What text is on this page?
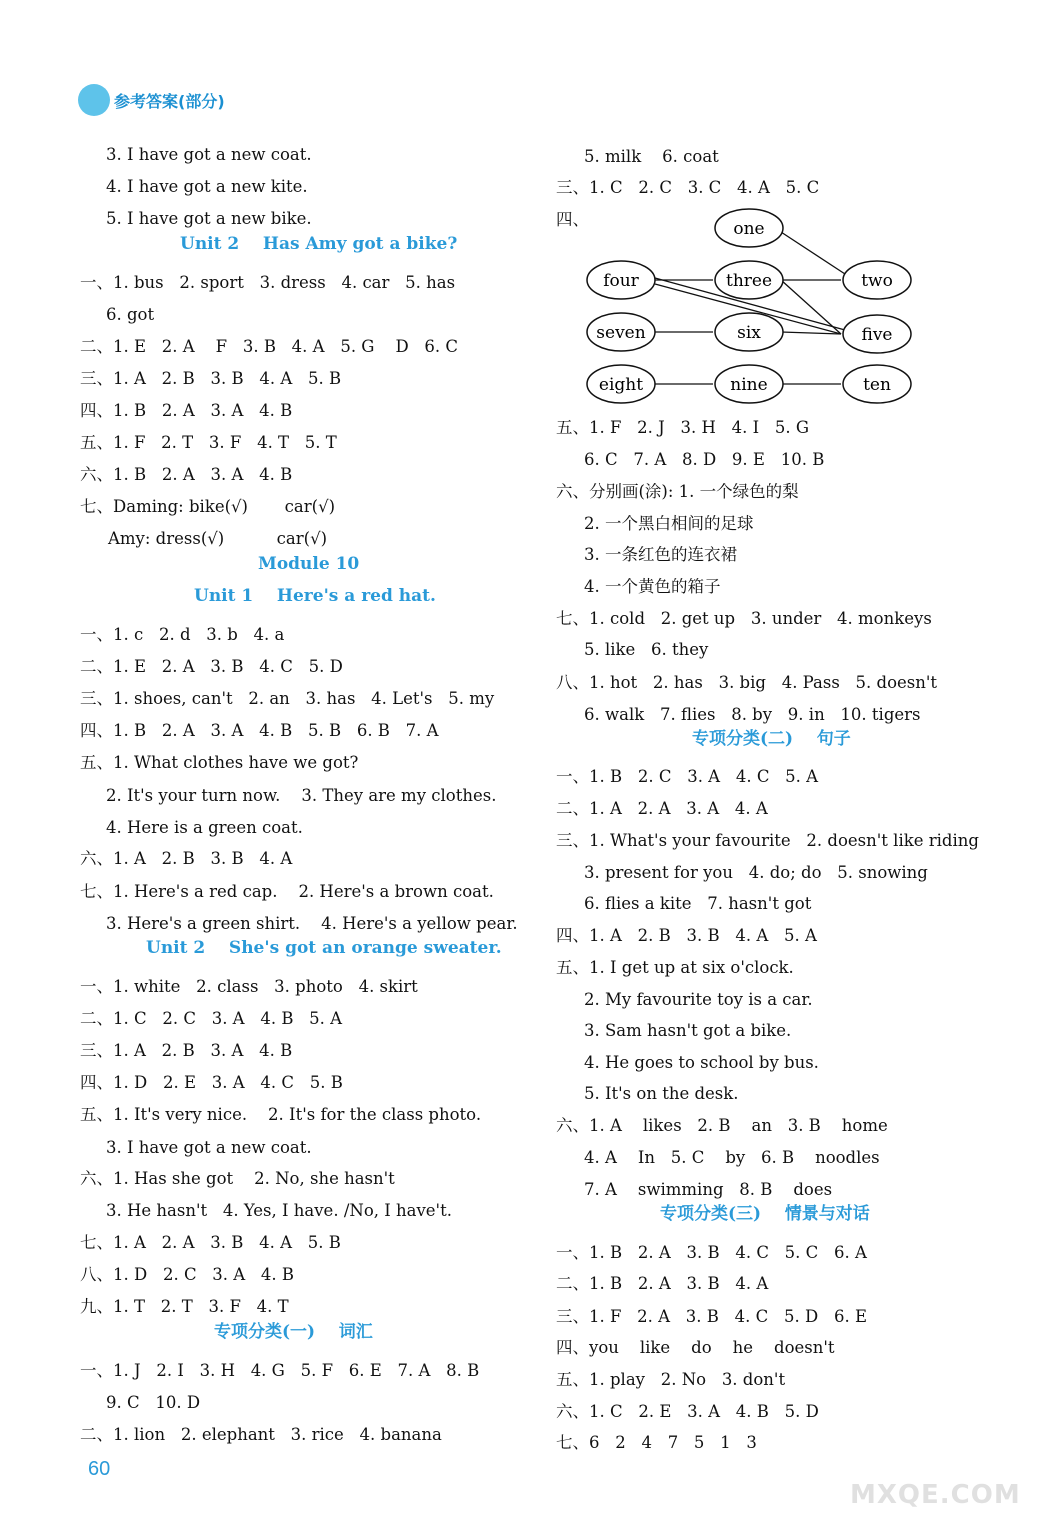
参考答案(部分)
3. I have got a new coat.
4. I have got a new kite.
5. I have got a new bike.
Unit 2    Has Amy got a bike?
一、1. bus   2. sport   3. dress   4. car   5. has
6. got
二、1. E   2. A    F   3. B   4. A   5. G    D   6. C
三、1. A   2. B   3. B   4. A   5. B
四、1. B   2. A   3. A   4. B
五、1. F   2. T   3. F   4. T   5. T
六、1. B   2. A   3. A   4. B
七、Daming: bike(√)       car(√)
Amy: dress(√)          car(√)
Module 10
Unit 1    Here's a red hat.
一、1. c   2. d   3. b   4. a
二、1. E   2. A   3. B   4. C   5. D
三、1. shoes, can't   2. an   3. has   4. Let's   5. my
四、1. B   2. A   3. A   4. B   5. B   6. B   7. A
五、1. What clothes have we got?
2. It's your turn now.    3. They are my clothes.
4. Here is a green coat.
六、1. A   2. B   3. B   4. A
七、1. Here's a red cap.    2. Here's a brown coat.
3. Here's a green shirt.    4. Here's a yellow pear.
Unit 2    She's got an orange sweater.
一、1. white   2. class   3. photo   4. skirt
二、1. C   2. C   3. A   4. B   5. A
三、1. A   2. B   3. A   4. B
四、1. D   2. E   3. A   4. C   5. B
五、1. It's very nice.    2. It's for the class photo.
3. I have got a new coat.
六、1. Has she got    2. No, she hasn't
3. He hasn't   4. Yes, I have. /No, I have't.
七、1. A   2. A   3. B   4. A   5. B
八、1. D   2. C   3. A   4. B
九、1. T   2. T   3. F   4. T
专项分类(一)    词汇
一、1. J   2. I   3. H   4. G   5. F   6. E   7. A   8. B
9. C   10. D
二、1. lion   2. elephant   3. rice   4. banana
5. milk    6. coat
三、1. C   2. C   3. C   4. A   5. C
四、
五、1. F   2. J   3. H   4. I   5. G
6. C   7. A   8. D   9. E   10. B
六、分别画(涂): 1. 一个绿色的梨
2. 一个黑白相间的足球
3. 一条红色的连衣裙
4. 一个黄色的箱子
七、1. cold   2. get up   3. under   4. monkeys
5. like   6. they
八、1. hot   2. has   3. big   4. Pass   5. doesn't
6. walk   7. flies   8. by   9. in   10. tigers
专项分类(二)    句子
一、1. B   2. C   3. A   4. C   5. A
二、1. A   2. A   3. A   4. A
三、1. What's your favourite   2. doesn't like riding
3. present for you   4. do; do   5. snowing
6. flies a kite   7. hasn't got
四、1. A   2. B   3. B   4. A   5. A
五、1. I get up at six o'clock.
2. My favourite toy is a car.
3. Sam hasn't got a bike.
4. He goes to school by bus.
5. It's on the desk.
六、1. A    likes   2. B    an   3. B    home
4. A    In   5. C    by   6. B    noodles
7. A    swimming   8. B    does
专项分类(三)    情景与对话
一、1. B   2. A   3. B   4. C   5. C   6. A
二、1. B   2. A   3. B   4. A
三、1. F   2. A   3. B   4. C   5. D   6. E
四、you    like    do    he    doesn't
五、1. play   2. No   3. don't
六、1. C   2. E   3. A   4. B   5. D
七、6   2   4   7   5   1   3
one
four	three	two
seven	six	five
eight	nine	ten
60
MXQE.COM
